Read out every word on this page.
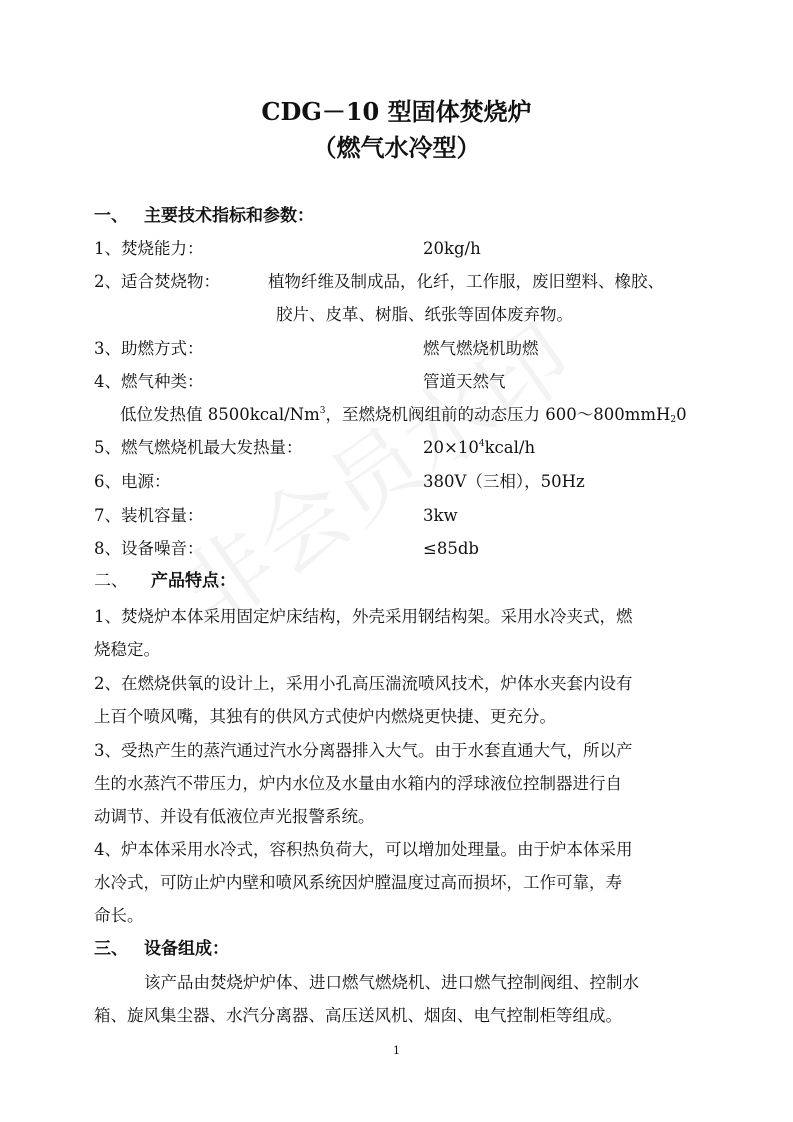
CDG－10 型固体焚烧炉
（燃气水冷型）
一、 主要技术指标和参数：
1、焚烧能力：	20kg/h
2、适合焚烧物：	植物纤维及制成品，化纤，工作服，废旧塑料、橡胶、
胶片、皮革、树脂、纸张等固体废弃物。
3、助燃方式：	燃气燃烧机助燃
4、燃气种类：	管道天然气
低位发热值 8500kcal/Nm$^3$，至燃烧机阀组前的动态压力 600～800mmH$_2$0
5、燃气燃烧机最大发热量：	$20\times 10^4kcal/h$
6、电源：	380V（三相），50Hz
7、装机容量：	3kw
8、设备噪音：	≤85db
二、 产品特点：

1、焚烧炉本体采用固定炉床结构，外壳采用钢结构架。采用水冷夹式，燃

烧稳定。

2、在燃烧供氧的设计上，采用小孔高压湍流喷风技术，炉体水夹套内设有

上百个喷风嘴，其独有的供风方式使炉内燃烧更快捷、更充分。

3、受热产生的蒸汽通过汽水分离器排入大气。由于水套直通大气，所以产

生的水蒸汽不带压力，炉内水位及水量由水箱内的浮球液位控制器进行自

动调节、并设有低液位声光报警系统。

4、炉本体采用水冷式，容积热负荷大，可以增加处理量。由于炉本体采用

水冷式，可防止炉内壁和喷风系统因炉膛温度过高而损坏，工作可靠，寿

命长。

三、 设备组成：

该产品由焚烧炉炉体、进口燃气燃烧机、进口燃气控制阀组、控制水

箱、旋风集尘器、水汽分离器、高压送风机、烟囱、电气控制柜等组成。

1
